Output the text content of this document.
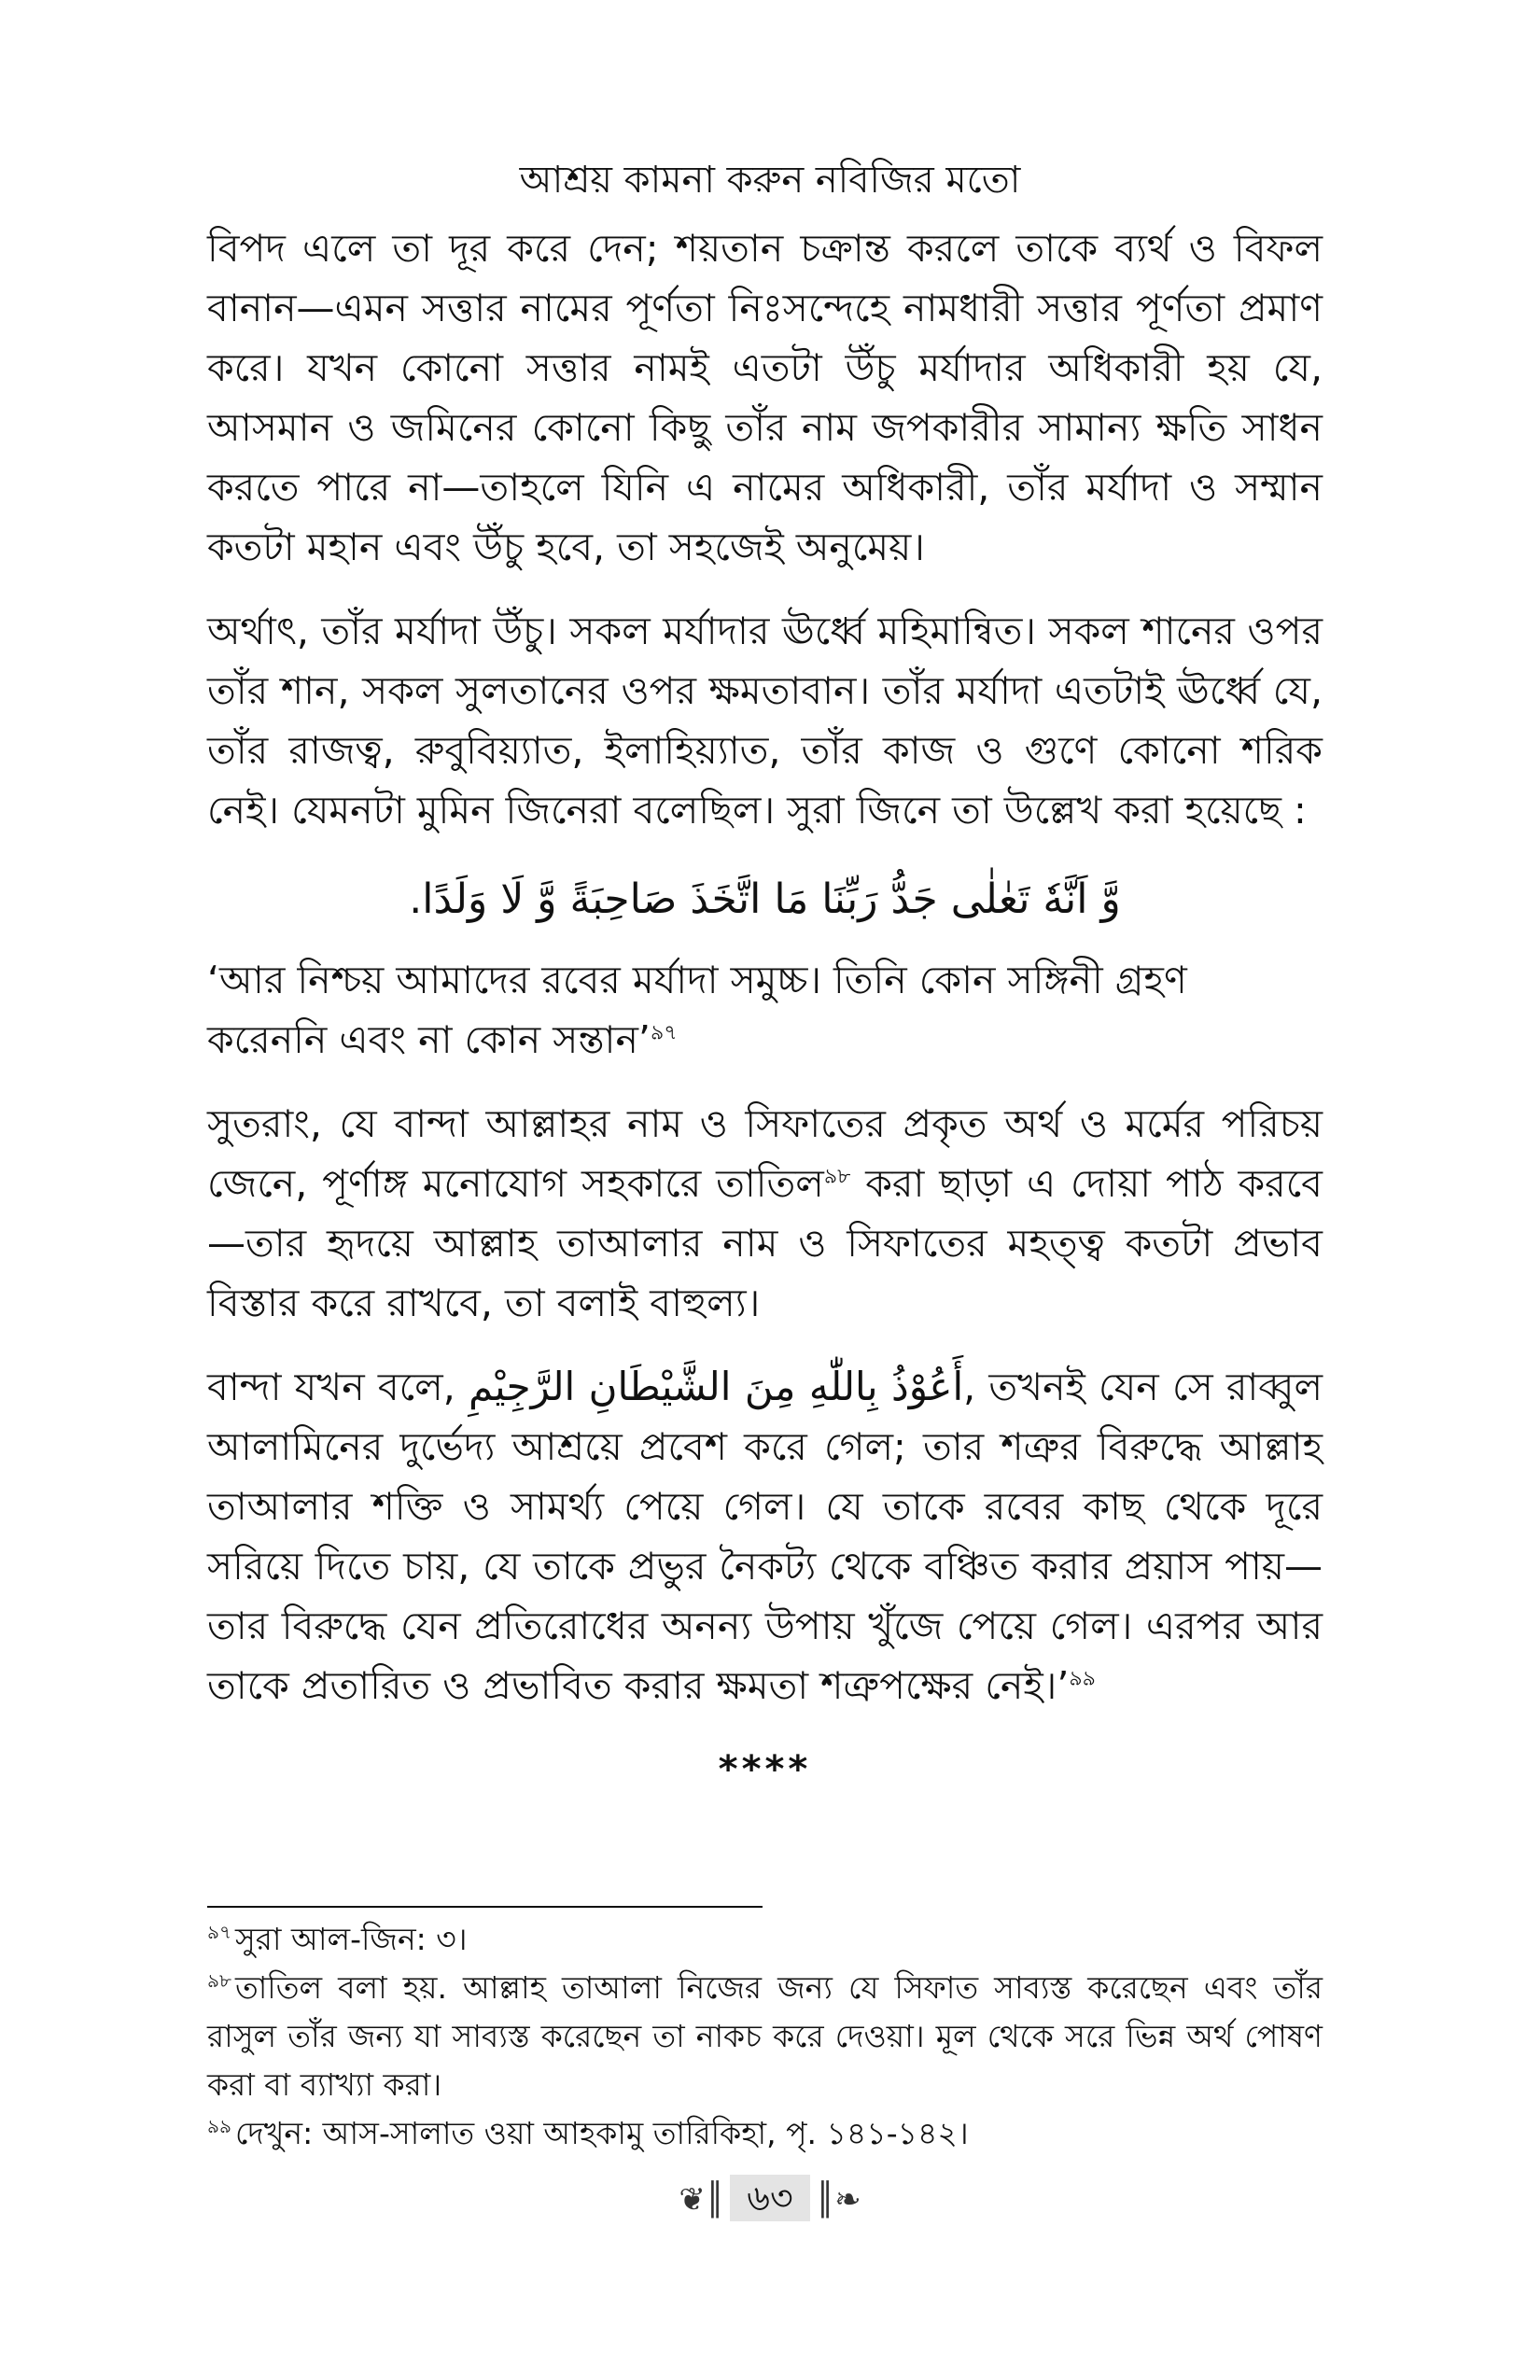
আশ্রয় কামনা করুন নবিজির মতো

বিপদ এলে তা দূর করে দেন; শয়তান চক্রান্ত করলে তাকে ব্যর্থ ও বিফল বানান—এমন সত্তার নামের পূর্ণতা নিঃসন্দেহে নামধারী সত্তার পূর্ণতা প্রমাণ করে। যখন কোনো সত্তার নামই এতটা উঁচু মর্যাদার অধিকারী হয় যে, আসমান ও জমিনের কোনো কিছু তাঁর নাম জপকারীর সামান্য ক্ষতি সাধন করতে পারে না—তাহলে যিনি এ নামের অধিকারী, তাঁর মর্যাদা ও সম্মান কতটা মহান এবং উঁচু হবে, তা সহজেই অনুমেয়।

অর্থাৎ, তাঁর মর্যাদা উঁচু। সকল মর্যাদার ঊর্ধ্বে মহিমান্বিত। সকল শানের ওপর তাঁর শান, সকল সুলতানের ওপর ক্ষমতাবান। তাঁর মর্যাদা এতটাই ঊর্ধ্বে যে, তাঁর রাজত্ব, রুবুবিয়্যাত, ইলাহিয়্যাত, তাঁর কাজ ও গুণে কোনো শরিক নেই। যেমনটা মুমিন জিনেরা বলেছিল। সুরা জিনে তা উল্লেখ করা হয়েছে :

وَّ اَنَّهٗ تَعٰلٰی جَدُّ رَبِّنَا مَا اتَّخَذَ صَاحِبَةً وَّ لَا وَلَدًا.

‘আর নিশ্চয় আমাদের রবের মর্যাদা সমুচ্চ। তিনি কোন সঙ্গিনী গ্রহণ করেননি এবং না কোন সন্তান’$^{৯৭}$

সুতরাং, যে বান্দা আল্লাহর নাম ও সিফাতের প্রকৃত অর্থ ও মর্মের পরিচয় জেনে, পূর্ণাঙ্গ মনোযোগ সহকারে তাতিল$^{৯৮}$ করা ছাড়া এ দোয়া পাঠ করবে—তার হৃদয়ে আল্লাহ তাআলার নাম ও সিফাতের মহত্ত্ব কতটা প্রভাব বিস্তার করে রাখবে, তা বলাই বাহুল্য।

বান্দা যখন বলে, أَعُوْذُ بِاللّٰهِ مِنَ الشَّيْطَانِ الرَّجِيْمِ, তখনই যেন সে রাব্বুল আলামিনের দুর্ভেদ্য আশ্রয়ে প্রবেশ করে গেল; তার শত্রুর বিরুদ্ধে আল্লাহ তাআলার শক্তি ও সামর্থ্য পেয়ে গেল। যে তাকে রবের কাছ থেকে দূরে সরিয়ে দিতে চায়, যে তাকে প্রভুর নৈকট্য থেকে বঞ্চিত করার প্রয়াস পায়—তার বিরুদ্ধে যেন প্রতিরোধের অনন্য উপায় খুঁজে পেয়ে গেল। এরপর আর তাকে প্রতারিত ও প্রভাবিত করার ক্ষমতা শত্রুপক্ষের নেই।’$^{৯৯}$

****

$^{৯৭}$ সুরা আল-জিন: ৩।

$^{৯৮}$ তাতিল বলা হয়. আল্লাহ তাআলা নিজের জন্য যে সিফাত সাব্যস্ত করেছেন এবং তাঁর রাসুল তাঁর জন্য যা সাব্যস্ত করেছেন তা নাকচ করে দেওয়া। মূল থেকে সরে ভিন্ন অর্থ পোষণ করা বা ব্যাখ্যা করা।

$^{৯৯}$ দেখুন: আস-সালাত ওয়া আহকামু তারিকিহা, পৃ. ১৪১-১৪২।

❦║ ৬৩ ║❧
